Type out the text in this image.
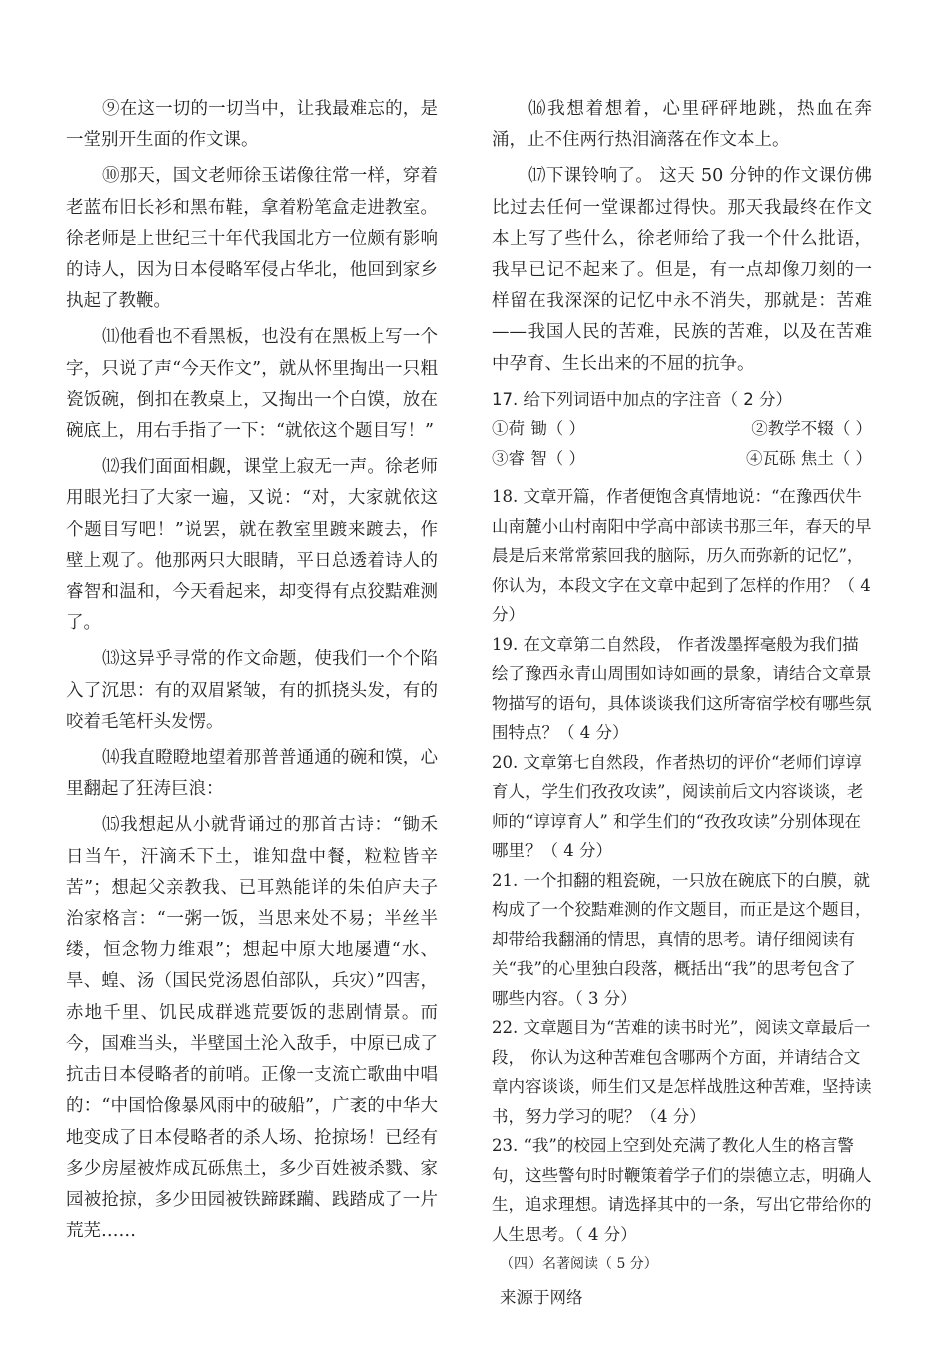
⑨在这一切的一切当中，让我最难忘的，是一堂别开生面的作文课。

⑩那天，国文老师徐玉诺像往常一样，穿着老蓝布旧长衫和黑布鞋，拿着粉笔盒走进教室。徐老师是上世纪三十年代我国北方一位颇有影响的诗人，因为日本侵略军侵占华北，他回到家乡执起了教鞭。

⑾他看也不看黑板，也没有在黑板上写一个字，只说了声“今天作文”，就从怀里掏出一只粗瓷饭碗，倒扣在教桌上，又掏出一个白馍，放在碗底上，用右手指了一下：“就依这个题目写！”

⑿我们面面相觑，课堂上寂无一声。徐老师用眼光扫了大家一遍，又说：“对，大家就依这个题目写吧！”说罢，就在教室里踱来踱去，作壁上观了。他那两只大眼睛，平日总透着诗人的睿智和温和，今天看起来，却变得有点狡黠难测了。

⒀这异乎寻常的作文命题，使我们一个个陷入了沉思：有的双眉紧皱，有的抓挠头发，有的咬着毛笔杆头发愣。

⒁我直瞪瞪地望着那普普通通的碗和馍，心里翻起了狂涛巨浪：

⒂我想起从小就背诵过的那首古诗：“锄禾日当午，汗滴禾下土，谁知盘中餐，粒粒皆辛苦”；想起父亲教我、已耳熟能详的朱伯庐夫子治家格言：“一粥一饭，当思来处不易；半丝半缕，恒念物力维艰”；想起中原大地屡遭“水、旱、蝗、汤（国民党汤恩伯部队，兵灾）”四害，赤地千里、饥民成群逃荒要饭的悲剧情景。而今，国难当头，半壁国土沦入敌手，中原已成了抗击日本侵略者的前哨。正像一支流亡歌曲中唱的：“中国恰像暴风雨中的破船”，广袤的中华大地变成了日本侵略者的杀人场、抢掠场！已经有多少房屋被炸成瓦砾焦土，多少百姓被杀戮、家园被抢掠，多少田园被铁蹄蹂躏、践踏成了一片荒芜……

⒃我想着想着，心里砰砰地跳，热血在奔涌，止不住两行热泪滴落在作文本上。

⒄下课铃响了。 这天 50 分钟的作文课仿佛比过去任何一堂课都过得快。那天我最终在作文本上写了些什么，徐老师给了我一个什么批语，我早已记不起来了。但是，有一点却像刀刻的一样留在我深深的记忆中永不消失，那就是：苦难——我国人民的苦难，民族的苦难，以及在苦难中孕育、生长出来的不屈的抗争。

17. 给下列词语中加点的字注音（ 2 分）

①荷 锄（ ）	②教学不辍（ ）
③睿 智（ ）	④瓦砾 焦土（ ）

18. 文章开篇，作者便饱含真情地说：“在豫西伏牛山南麓小山村南阳中学高中部读书那三年，春天的早晨是后来常常萦回我的脑际，历久而弥新的记忆”，你认为，本段文字在文章中起到了怎样的作用？（ 4 分）

19. 在文章第二自然段， 作者泼墨挥毫般为我们描绘了豫西永青山周围如诗如画的景象，请结合文章景物描写的语句，具体谈谈我们这所寄宿学校有哪些氛围特点？（ 4 分）

20. 文章第七自然段，作者热切的评价“老师们谆谆育人，学生们孜孜攻读”，阅读前后文内容谈谈，老师的“谆谆育人” 和学生们的“孜孜攻读”分别体现在哪里？（ 4 分）

21. 一个扣翻的粗瓷碗，一只放在碗底下的白膜，就构成了一个狡黠难测的作文题目，而正是这个题目，却带给我翻涌的情思，真情的思考。请仔细阅读有关“我”的心里独白段落，概括出“我”的思考包含了哪些内容。（ 3 分）

22. 文章题目为“苦难的读书时光”，阅读文章最后一段， 你认为这种苦难包含哪两个方面，并请结合文章内容谈谈，师生们又是怎样战胜这种苦难，坚持读书，努力学习的呢？（4 分）

23. “我”的校园上空到处充满了教化人生的格言警句，这些警句时时鞭策着学子们的崇德立志，明确人生，追求理想。请选择其中的一条，写出它带给你的人生思考。（ 4 分）

（四）名著阅读（ 5 分）

来源于网络
